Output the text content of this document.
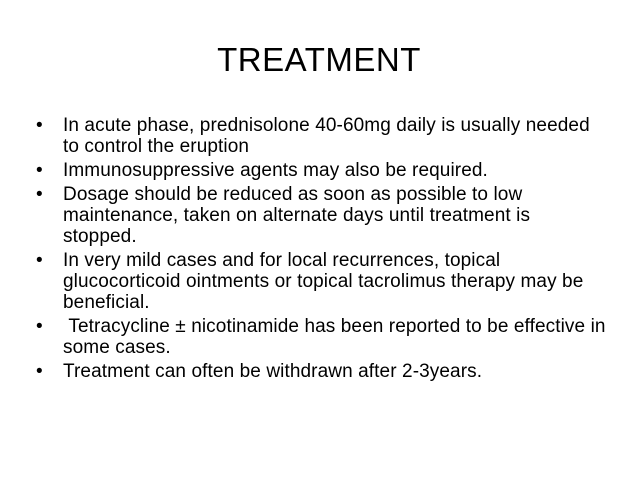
TREATMENT
•	In acute phase, prednisolone 40-60mg daily is usually needed to control the eruption
•	Immunosuppressive agents may also be required.
•	Dosage should be reduced as soon as possible to low maintenance, taken on alternate days until treatment is stopped.
•	In very mild cases and for local recurrences, topical glucocorticoid ointments or topical tacrolimus therapy may be beneficial.
•	Tetracycline ± nicotinamide has been reported to be effective in some cases.
•	Treatment can often be withdrawn after 2-3years.
